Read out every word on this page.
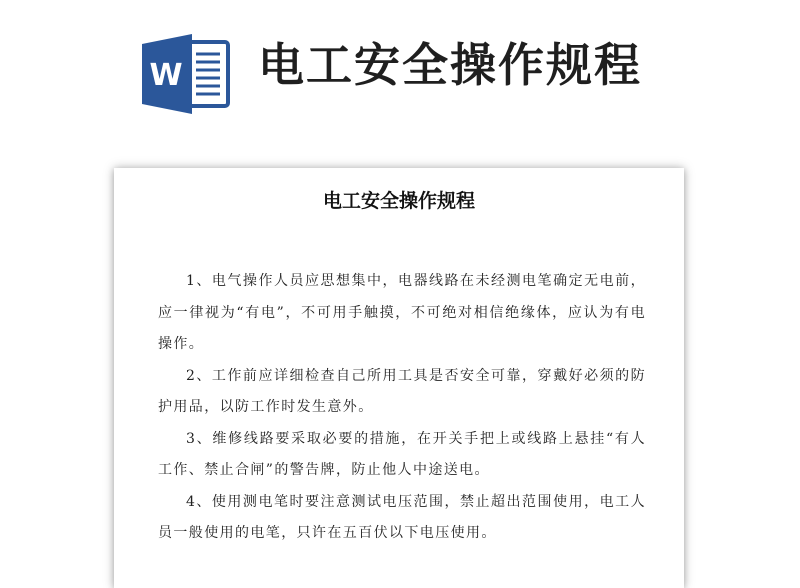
W 电工安全操作规程
电工安全操作规程

1、电气操作人员应思想集中，电器线路在未经测电笔确定无电前，应一律视为“有电”，不可用手触摸，不可绝对相信绝缘体，应认为有电操作。

2、工作前应详细检查自己所用工具是否安全可靠，穿戴好必须的防护用品，以防工作时发生意外。

3、维修线路要采取必要的措施，在开关手把上或线路上悬挂“有人工作、禁止合闸”的警告牌，防止他人中途送电。

4、使用测电笔时要注意测试电压范围，禁止超出范围使用，电工人员一般使用的电笔，只许在五百伏以下电压使用。
